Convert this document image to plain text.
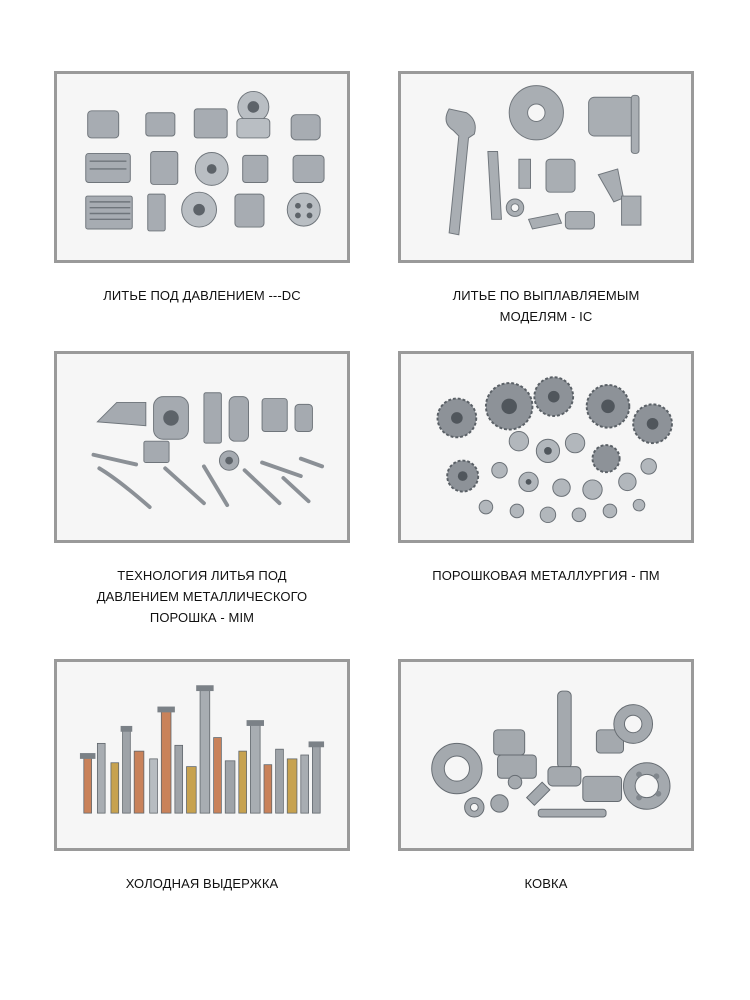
ЛИТЬЕ ПОД ДАВЛЕНИЕМ ---DC	ЛИТЬЕ ПО ВЫПЛАВЛЯЕМЫМ
МОДЕЛЯМ - IC
ТЕХНОЛОГИЯ ЛИТЬЯ ПОД
ДАВЛЕНИЕМ МЕТАЛЛИЧЕСКОГО
ПОРОШКА - MIM
ПОРОШКОВАЯ МЕТАЛЛУРГИЯ - ПМ
ХОЛОДНАЯ ВЫДЕРЖКА	КОВКА
